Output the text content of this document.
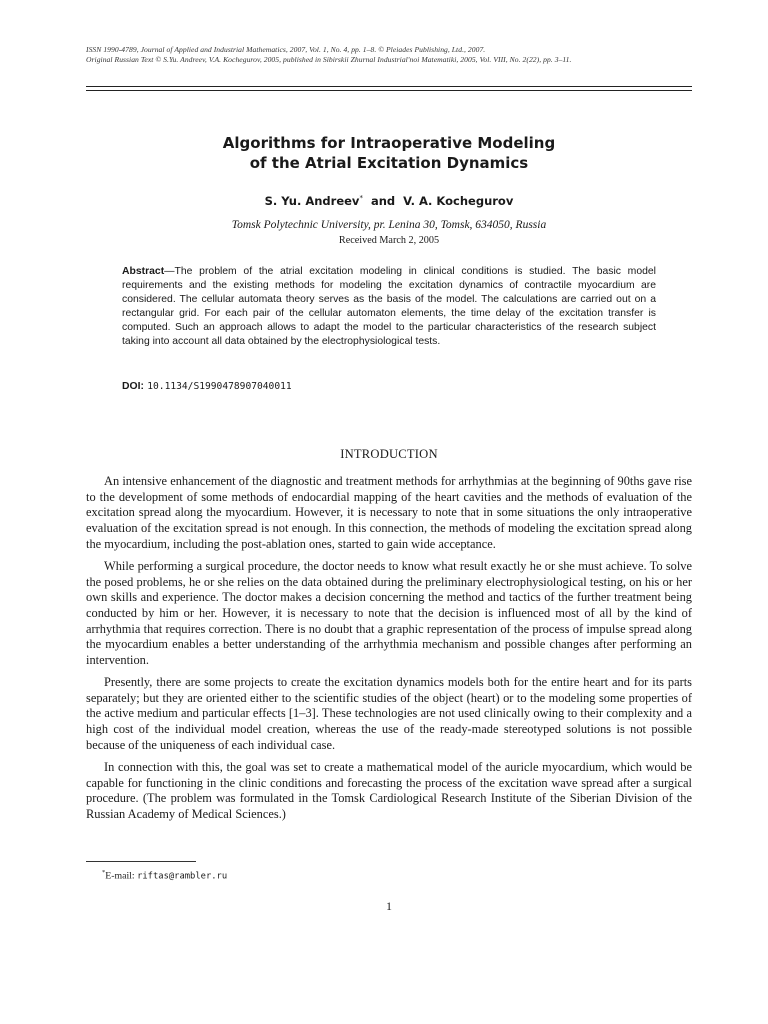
ISSN 1990-4789, Journal of Applied and Industrial Mathematics, 2007, Vol. 1, No. 4, pp. 1–8. © Pleiades Publishing, Ltd., 2007.
Original Russian Text © S.Yu. Andreev, V.A. Kochegurov, 2005, published in Sibirskii Zhurnal Industrial'noi Matematiki, 2005, Vol. VIII, No. 2(22), pp. 3–11.
Algorithms for Intraoperative Modeling
of the Atrial Excitation Dynamics
S. Yu. Andreev* and V. A. Kochegurov
Tomsk Polytechnic University, pr. Lenina 30, Tomsk, 634050, Russia
Received March 2, 2005
Abstract—The problem of the atrial excitation modeling in clinical conditions is studied. The basic model requirements and the existing methods for modeling the excitation dynamics of contractile myocardium are considered. The cellular automata theory serves as the basis of the model. The calculations are carried out on a rectangular grid. For each pair of the cellular automaton elements, the time delay of the excitation transfer is computed. Such an approach allows to adapt the model to the particular characteristics of the research subject taking into account all data obtained by the electrophysiological tests.
DOI: 10.1134/S1990478907040011
INTRODUCTION

An intensive enhancement of the diagnostic and treatment methods for arrhythmias at the beginning of 90ths gave rise to the development of some methods of endocardial mapping of the heart cavities and the methods of evaluation of the excitation spread along the myocardium. However, it is necessary to note that in some situations the only intraoperative evaluation of the excitation spread is not enough. In this connection, the methods of modeling the excitation spread along the myocardium, including the post-ablation ones, started to gain wide acceptance.

While performing a surgical procedure, the doctor needs to know what result exactly he or she must achieve. To solve the posed problems, he or she relies on the data obtained during the preliminary electrophysiological testing, on his or her own skills and experience. The doctor makes a decision concerning the method and tactics of the further treatment being conducted by him or her. However, it is necessary to note that the decision is influenced most of all by the kind of arrhythmia that requires correction. There is no doubt that a graphic representation of the process of impulse spread along the myocardium enables a better understanding of the arrhythmia mechanism and possible changes after performing an intervention.

Presently, there are some projects to create the excitation dynamics models both for the entire heart and for its parts separately; but they are oriented either to the scientific studies of the object (heart) or to the modeling some properties of the active medium and particular effects [1–3]. These technologies are not used clinically owing to their complexity and a high cost of the individual model creation, whereas the use of the ready-made stereotyped solutions is not possible because of the uniqueness of each individual case.

In connection with this, the goal was set to create a mathematical model of the auricle myocardium, which would be capable for functioning in the clinic conditions and forecasting the process of the excitation wave spread after a surgical procedure. (The problem was formulated in the Tomsk Cardiological Research Institute of the Siberian Division of the Russian Academy of Medical Sciences.)

*E-mail: riftas@rambler.ru
1
